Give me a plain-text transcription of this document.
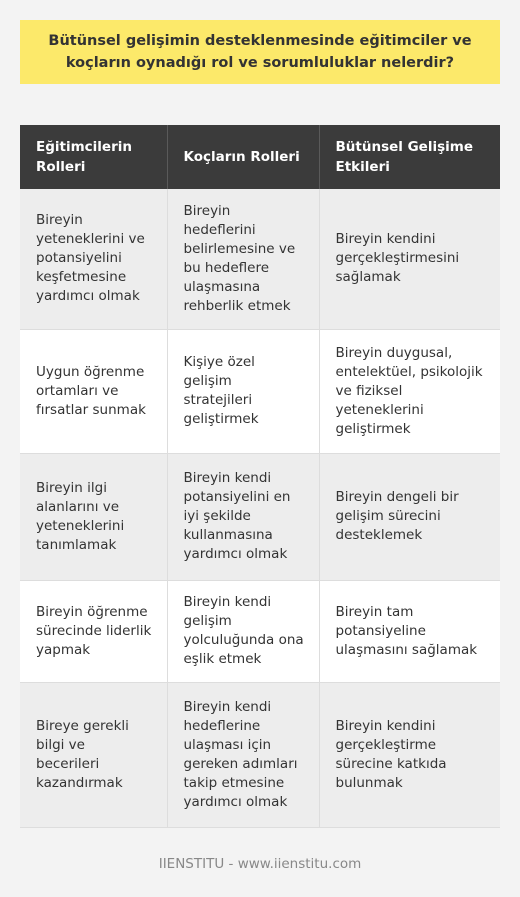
Bütünsel gelişimin desteklenmesinde eğitimciler ve koçların oynadığı rol ve sorumluluklar nelerdir?
Eğitimcilerin Rolleri	Koçların Rolleri	Bütünsel Gelişime Etkileri
Bireyin yeteneklerini ve potansiyelini keşfetmesine yardımcı olmak	Bireyin hedeflerini belirlemesine ve bu hedeflere ulaşmasına rehberlik etmek	Bireyin kendini gerçekleştirmesini sağlamak
Uygun öğrenme ortamları ve fırsatlar sunmak	Kişiye özel gelişim stratejileri geliştirmek	Bireyin duygusal, entelektüel, psikolojik ve fiziksel yeteneklerini geliştirmek
Bireyin ilgi alanlarını ve yeteneklerini tanımlamak	Bireyin kendi potansiyelini en iyi şekilde kullanmasına yardımcı olmak	Bireyin dengeli bir gelişim sürecini desteklemek
Bireyin öğrenme sürecinde liderlik yapmak	Bireyin kendi gelişim yolculuğunda ona eşlik etmek	Bireyin tam potansiyeline ulaşmasını sağlamak
Bireye gerekli bilgi ve becerileri kazandırmak	Bireyin kendi hedeflerine ulaşması için gereken adımları takip etmesine yardımcı olmak	Bireyin kendini gerçekleştirme sürecine katkıda bulunmak
IIENSTITU - www.iienstitu.com
